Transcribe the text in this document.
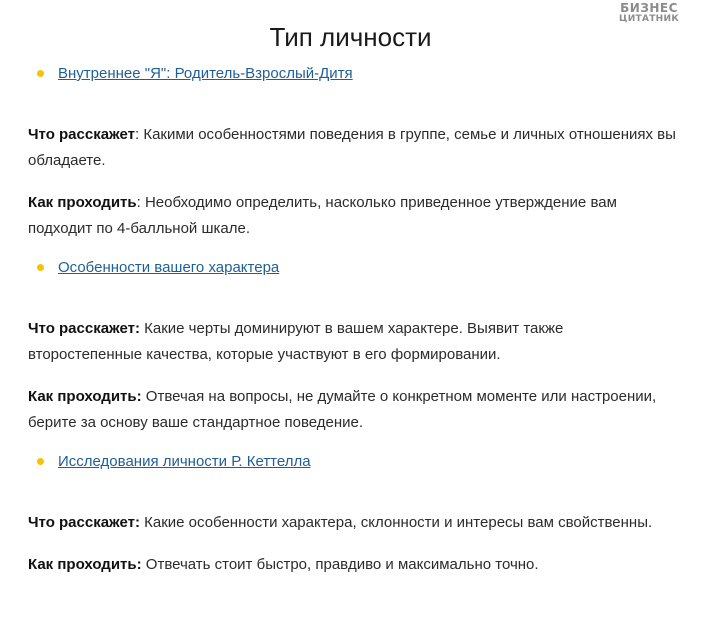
БИЗНЕС
ЦИТАТНИК
Тип личности
Внутреннее "Я": Родитель-Взрослый-Дитя

Что расскажет: Какими особенностями поведения в группе, семье и личных отношениях вы обладаете.

Как проходить: Необходимо определить, насколько приведенное утверждение вам подходит по 4-балльной шкале.

Особенности вашего характера

Что расскажет: Какие черты доминируют в вашем характере. Выявит также второстепенные качества, которые участвуют в его формировании.

Как проходить: Отвечая на вопросы, не думайте о конкретном моменте или настроении, берите за основу ваше стандартное поведение.

Исследования личности Р. Кеттелла

Что расскажет: Какие особенности характера, склонности и интересы вам свойственны.

Как проходить: Отвечать стоит быстро, правдиво и максимально точно.
